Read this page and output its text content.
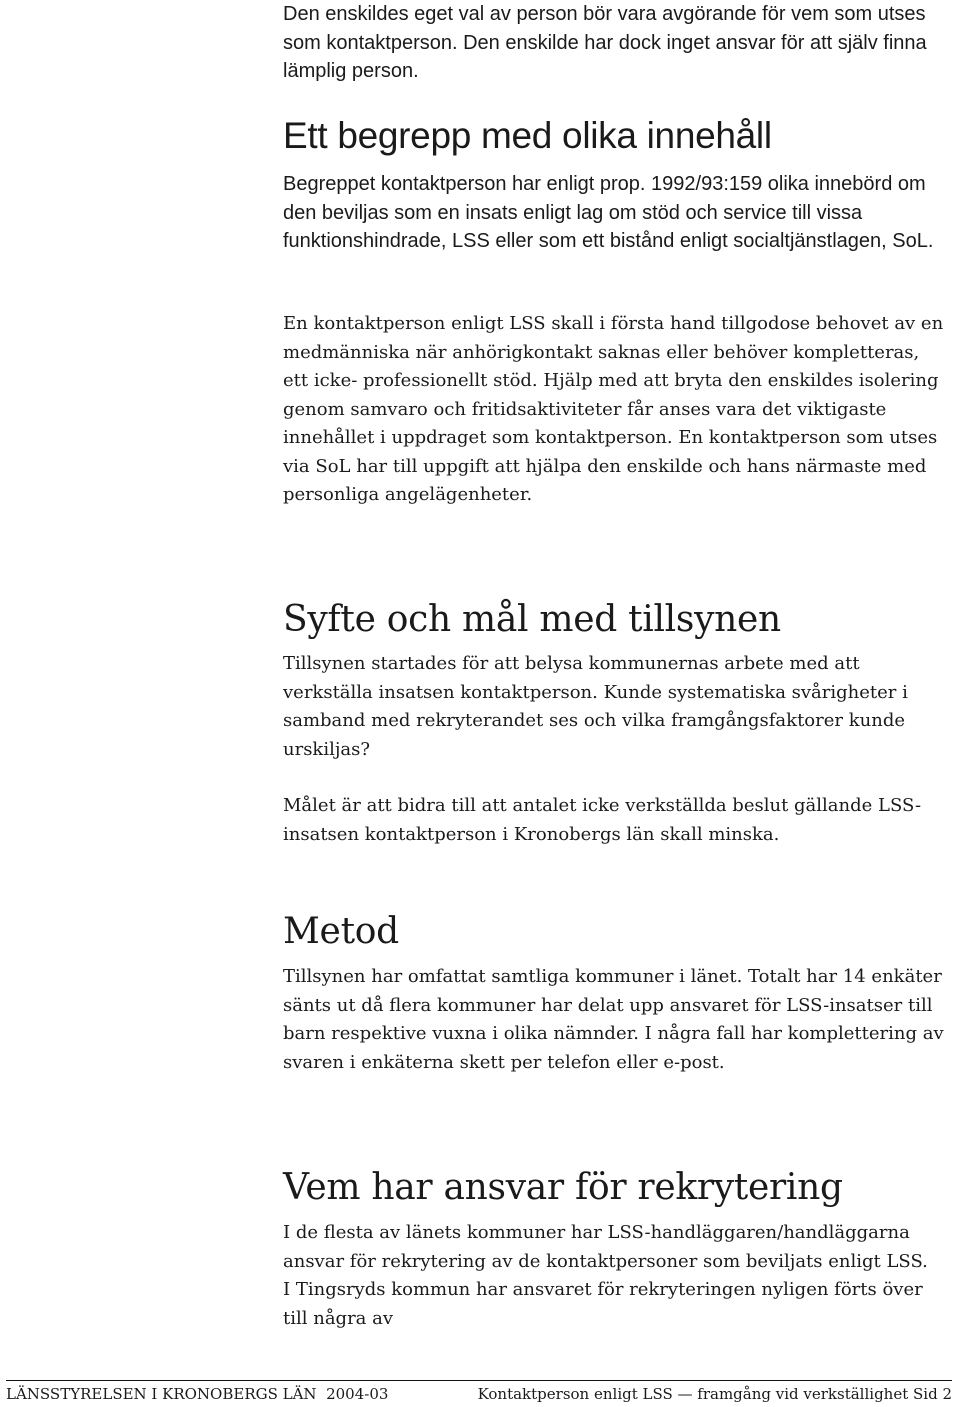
Den enskildes eget val av person bör vara avgörande för vem som utses som kontaktperson. Den enskilde har dock inget ansvar för att själv finna lämplig person.

Ett begrepp med olika innehåll

Begreppet kontaktperson har enligt prop. 1992/93:159 olika innebörd om den beviljas som en insats enligt lag om stöd och service till vissa funktionshindrade, LSS eller som ett bistånd enligt socialtjänstlagen, SoL.

En kontaktperson enligt LSS skall i första hand tillgodose behovet av en medmänniska när anhörigkontakt saknas eller behöver kompletteras, ett icke- professionellt stöd. Hjälp med att bryta den enskildes isolering genom samvaro och fritidsaktiviteter får anses vara det viktigaste innehållet i uppdraget som kontaktperson. En kontaktperson som utses via SoL har till uppgift att hjälpa den enskilde och hans närmaste med personliga angelägenheter.

Syfte och mål med tillsynen

Tillsynen startades för att belysa kommunernas arbete med att verkställa insatsen kontaktperson. Kunde systematiska svårigheter i samband med rekryterandet ses och vilka framgångsfaktorer kunde urskiljas?

Målet är att bidra till att antalet icke verkställda beslut gällande LSS-insatsen kontaktperson i Kronobergs län skall minska.

Metod

Tillsynen har omfattat samtliga kommuner i länet. Totalt har 14 enkäter sänts ut då flera kommuner har delat upp ansvaret för LSS-insatser till barn respektive vuxna i olika nämnder. I några fall har komplettering av svaren i enkäterna skett per telefon eller e-post.

Vem har ansvar för rekrytering

I de flesta av länets kommuner har LSS-handläggaren/handläggarna ansvar för rekrytering av de kontaktpersoner som beviljats enligt LSS. I Tingsryds kommun har ansvaret för rekryteringen nyligen förts över till några av

LÄNSSTYRELSEN I KRONOBERGS LÄN  2004-03	Kontaktperson enligt LSS — framgång vid verkställighet Sid 2
